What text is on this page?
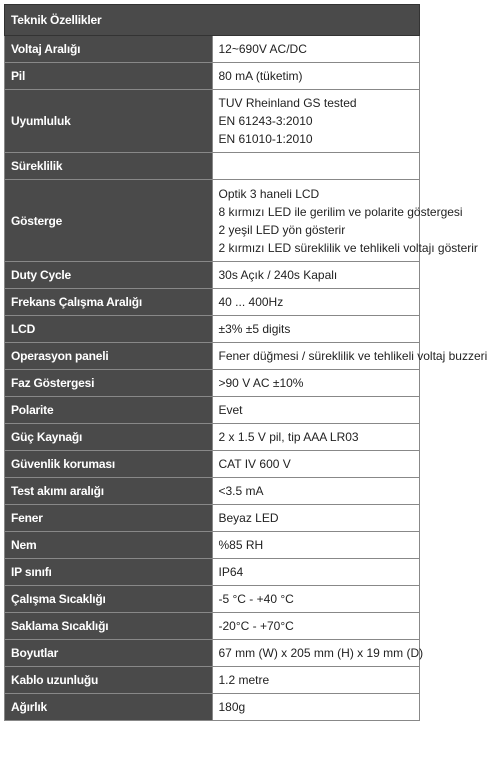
Teknik Özellikler	
Voltaj Aralığı	12~690V AC/DC

Pil	80 mA (tüketim)

Uyumluluk	TUV Rheinland GS tested
EN 61243-3:2010
EN 61010-1:2010

Süreklilik	

Gösterge	Optik 3 haneli LCD
8 kırmızı LED ile gerilim ve polarite göstergesi
2 yeşil LED yön gösterir
2 kırmızı LED süreklilik ve tehlikeli voltajı gösterir

Duty Cycle	30s Açık / 240s Kapalı

Frekans Çalışma Aralığı	40 ... 400Hz

LCD	±3% ±5 digits

Operasyon paneli	Fener düğmesi / süreklilik ve tehlikeli voltaj buzzeri

Faz Göstergesi	>90 V AC ±10%

Polarite	Evet

Güç Kaynağı	2 x 1.5 V pil, tip AAA LR03

Güvenlik koruması	CAT IV 600 V

Test akımı aralığı	<3.5 mA

Fener	Beyaz LED

Nem	%85 RH

IP sınıfı	IP64

Çalışma Sıcaklığı	-5 °C - +40 °C

Saklama Sıcaklığı	-20°C - +70°C

Boyutlar	67 mm (W) x 205 mm (H) x 19 mm (D)

Kablo uzunluğu	1.2 metre

Ağırlık	180g
